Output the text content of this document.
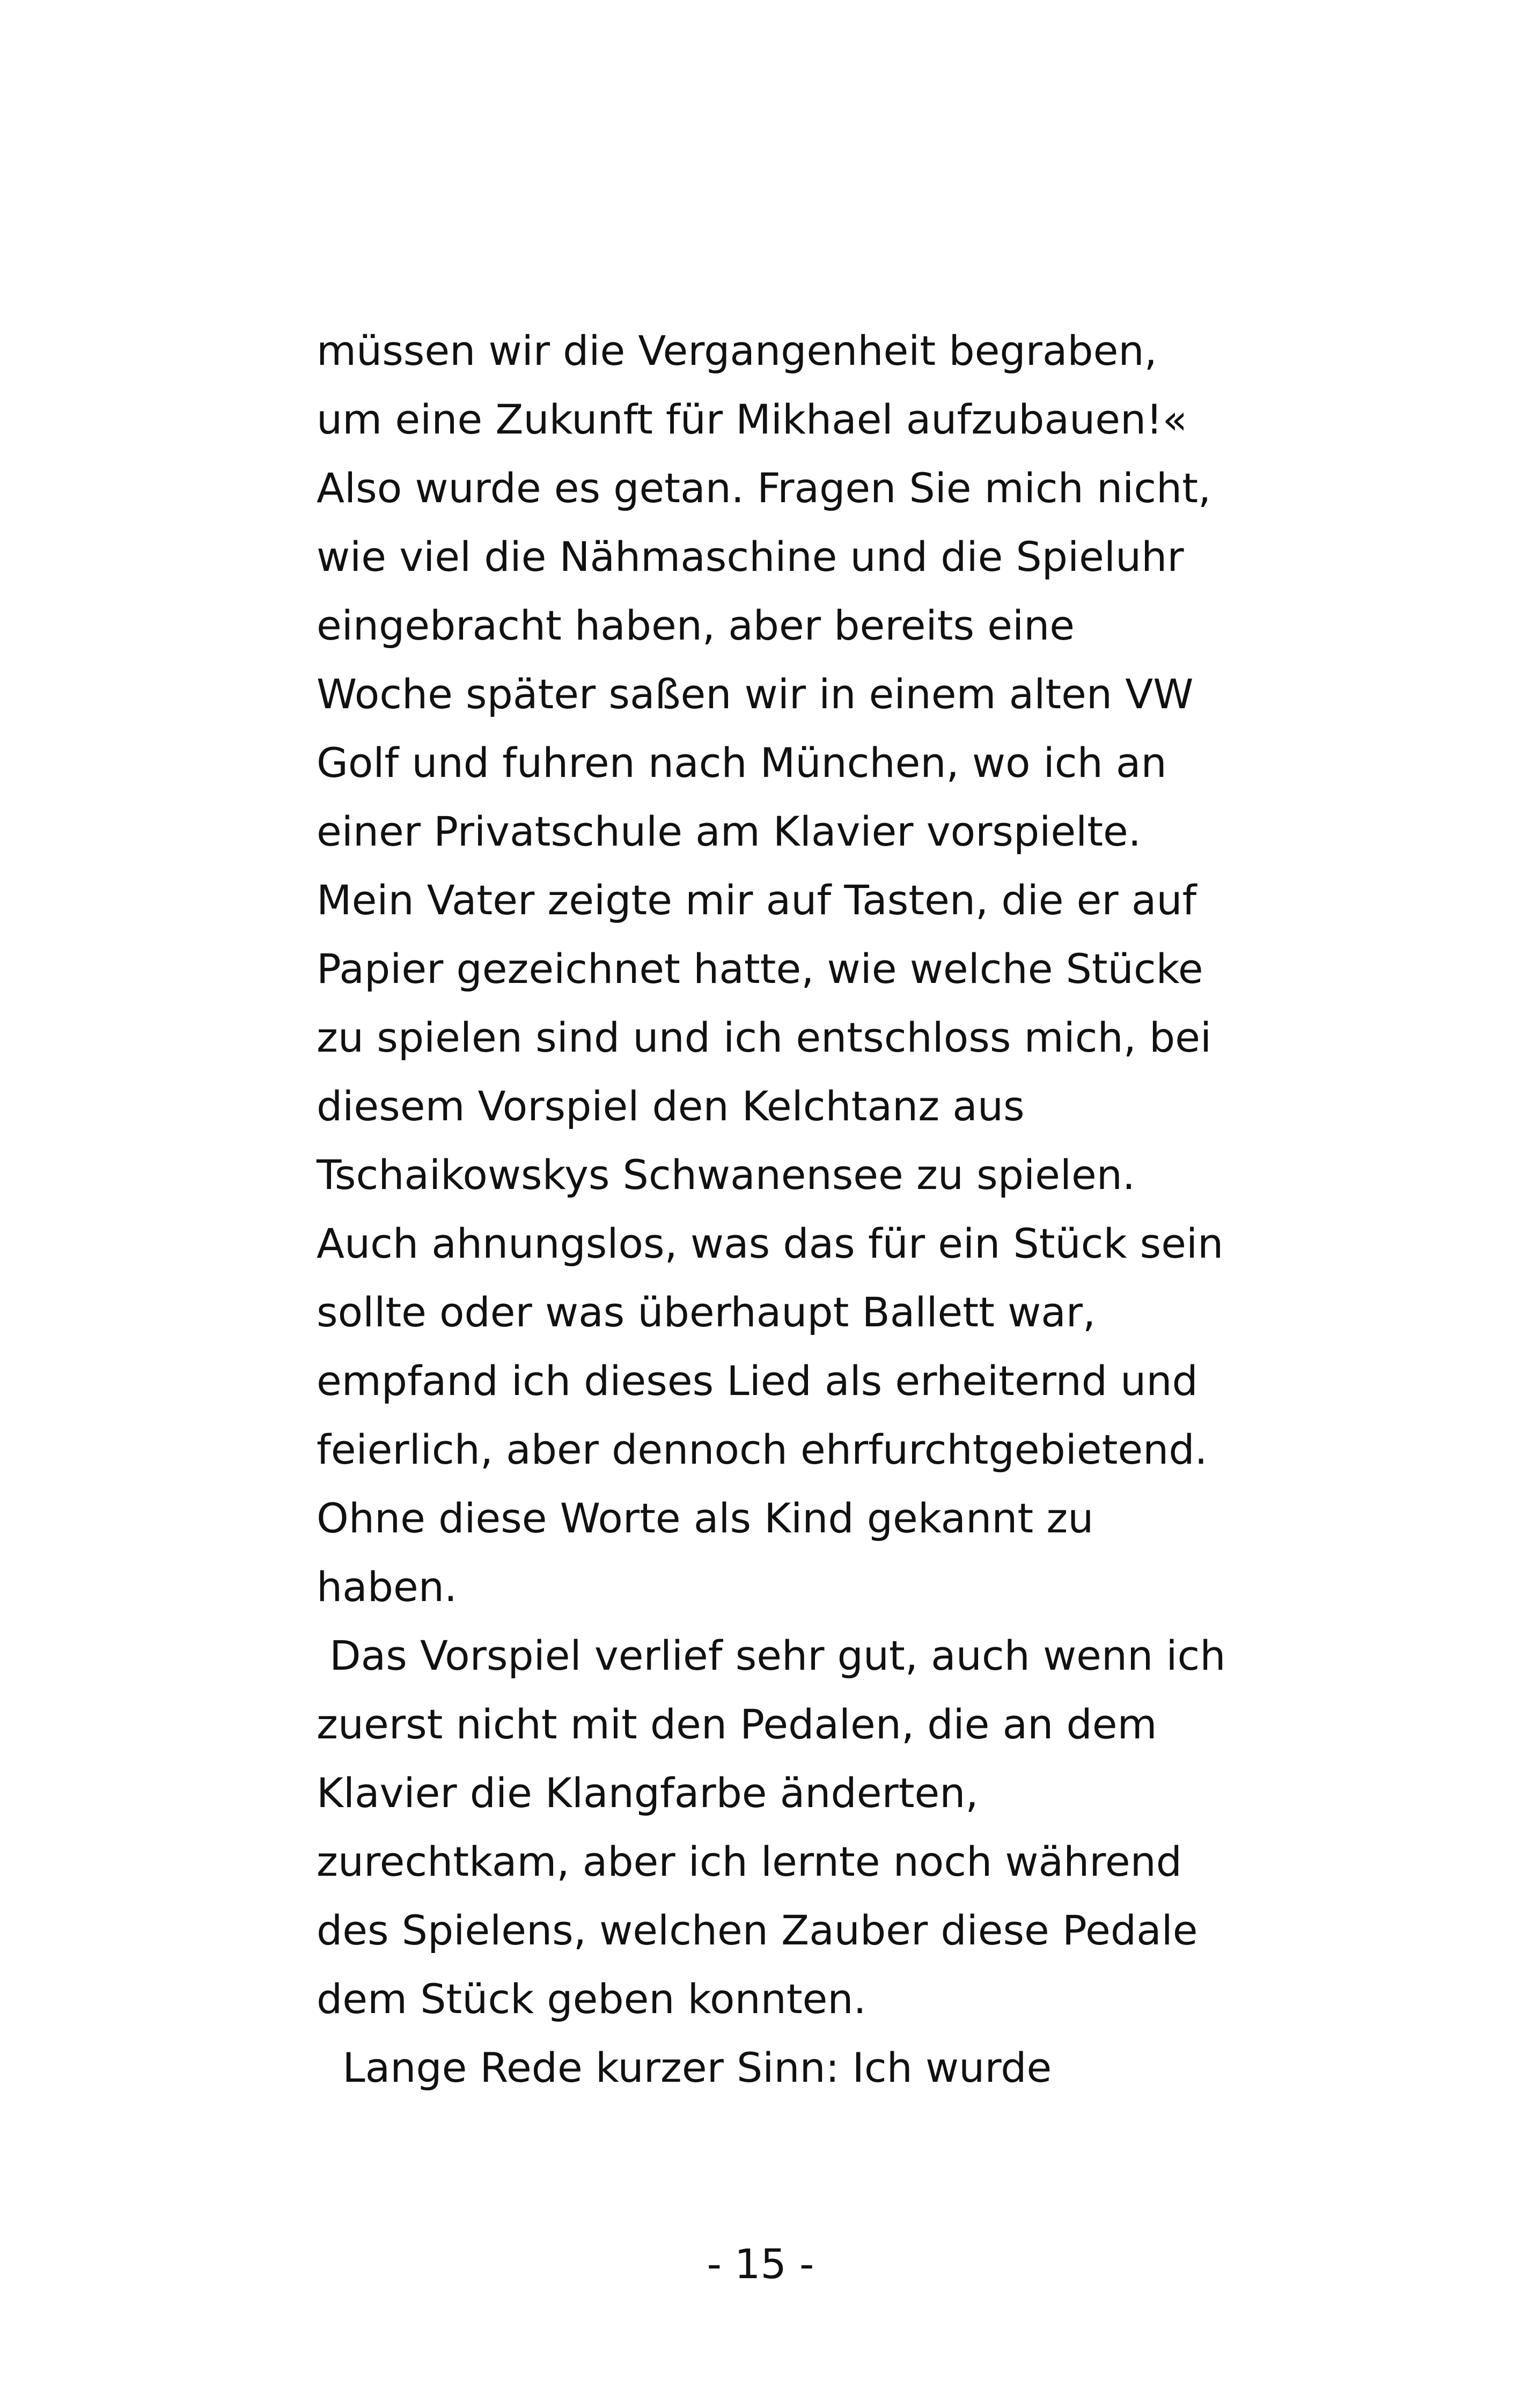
müssen wir die Vergangenheit begraben,
um eine Zukunft für Mikhael aufzubauen!«
Also wurde es getan. Fragen Sie mich nicht,
wie viel die Nähmaschine und die Spieluhr
eingebracht haben, aber bereits eine
Woche später saßen wir in einem alten VW
Golf und fuhren nach München, wo ich an
einer Privatschule am Klavier vorspielte.
Mein Vater zeigte mir auf Tasten, die er auf
Papier gezeichnet hatte, wie welche Stücke
zu spielen sind und ich entschloss mich, bei
diesem Vorspiel den Kelchtanz aus
Tschaikowskys Schwanensee zu spielen.
Auch ahnungslos, was das für ein Stück sein
sollte oder was überhaupt Ballett war,
empfand ich dieses Lied als erheiternd und
feierlich, aber dennoch ehrfurchtgebietend.
Ohne diese Worte als Kind gekannt zu
haben.
Das Vorspiel verlief sehr gut, auch wenn ich
zuerst nicht mit den Pedalen, die an dem
Klavier die Klangfarbe änderten,
zurechtkam, aber ich lernte noch während
des Spielens, welchen Zauber diese Pedale
dem Stück geben konnten.
Lange Rede kurzer Sinn: Ich wurde
- 15 -
